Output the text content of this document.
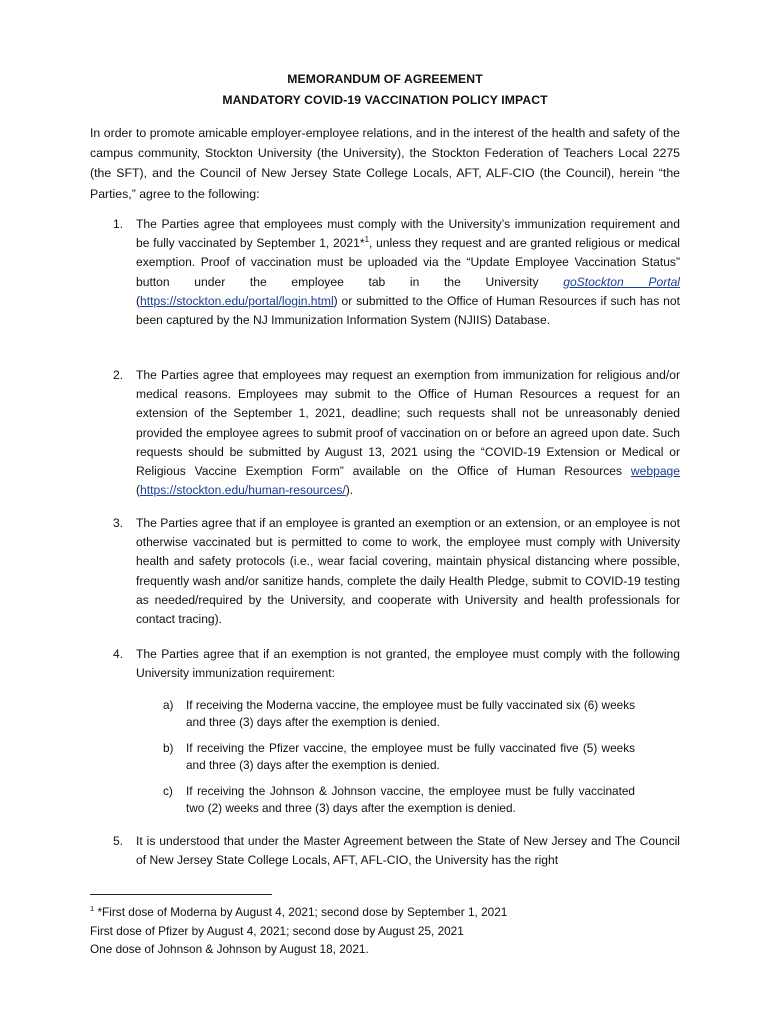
MEMORANDUM OF AGREEMENT
MANDATORY COVID-19 VACCINATION POLICY IMPACT

In order to promote amicable employer-employee relations, and in the interest of the health and safety of the campus community, Stockton University (the University), the Stockton Federation of Teachers Local 2275 (the SFT), and the Council of New Jersey State College Locals, AFT, ALF-CIO (the Council), herein “the Parties,” agree to the following:

1.	The Parties agree that employees must comply with the University’s immunization requirement and be fully vaccinated by September 1, 2021*$^1$, unless they request and are granted religious or medical exemption. Proof of vaccination must be uploaded via the “Update Employee Vaccination Status” button under the employee tab in the University goStockton Portal (https://stockton.edu/portal/login.html) or submitted to the Office of Human Resources if such has not been captured by the NJ Immunization Information System (NJIIS) Database.
2.	The Parties agree that employees may request an exemption from immunization for religious and/or medical reasons. Employees may submit to the Office of Human Resources a request for an extension of the September 1, 2021, deadline; such requests shall not be unreasonably denied provided the employee agrees to submit proof of vaccination on or before an agreed upon date. Such requests should be submitted by August 13, 2021 using the “COVID-19 Extension or Medical or Religious Vaccine Exemption Form” available on the Office of Human Resources webpage (https://stockton.edu/human-resources/).
3.	The Parties agree that if an employee is granted an exemption or an extension, or an employee is not otherwise vaccinated but is permitted to come to work, the employee must comply with University health and safety protocols (i.e., wear facial covering, maintain physical distancing where possible, frequently wash and/or sanitize hands, complete the daily Health Pledge, submit to COVID-19 testing as needed/required by the University, and cooperate with University and health professionals for contact tracing).
4.	The Parties agree that if an exemption is not granted, the employee must comply with the following University immunization requirement:
5.	It is understood that under the Master Agreement between the State of New Jersey and The Council of New Jersey State College Locals, AFT, AFL-CIO, the University has the right
a)	If receiving the Moderna vaccine, the employee must be fully vaccinated six (6) weeks and three (3) days after the exemption is denied.
b)	If receiving the Pfizer vaccine, the employee must be fully vaccinated five (5) weeks and three (3) days after the exemption is denied.
c)	If receiving the Johnson & Johnson vaccine, the employee must be fully vaccinated two (2) weeks and three (3) days after the exemption is denied.
$^1$ *First dose of Moderna by August 4, 2021; second dose by September 1, 2021
First dose of Pfizer by August 4, 2021; second dose by August 25, 2021
One dose of Johnson & Johnson by August 18, 2021.
